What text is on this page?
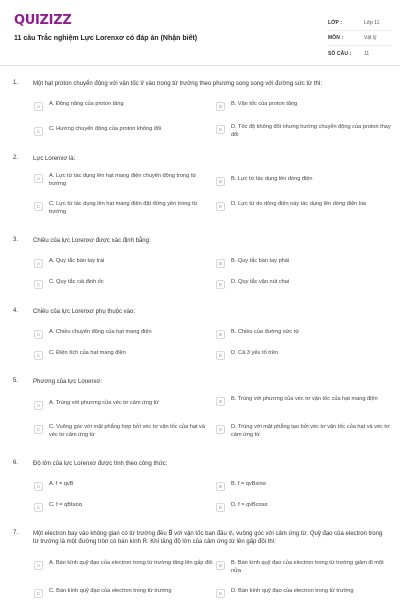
QUIZIZZ
11 câu Trắc nghiệm Lực Lorenxơ có đáp án (Nhận biết)
LỚP :	Lớp 11
MÔN :	Vật lý
SỐ CÂU :	11
1. Một hạt proton chuyển động với vận tốc v⃗ vào trong từ trường theo phương song song với đường sức từ thì:
A	A. Động năng của proton tăng	B	B. Vận tốc của proton tăng
C	C. Hướng chuyển động của proton không đổi	D	D. Tốc độ không đổi nhưng hướng chuyển động của proton thay đổi
2. Lực Lorenxơ là:
A	A. Lực từ tác dụng lên hạt mang điện chuyển động trong từ trường	B	B. Lực từ tác dụng lên dòng điện
C	C. Lực từ tác dụng lên hạt mang điện đặt đứng yên trong từ trường
D	D. Lực từ do dòng điện này tác dụng lên dòng điện kia
3. Chiều của lực Lorenxơ được xác định bằng:
A	A. Quy tắc bàn tay trái	B	B. Quy tắc bàn tay phải
C	C. Quy tắc cái đinh ốc	D	D. Quy tắc vặn nút chai
4. Chiều của lực Lorenxơ phụ thuộc vào:
A	A. Chiều chuyển động của hạt mang điện	B	B. Chiều của đường sức từ
C	C. Điện tích của hạt mang điện	D	D. Cả 3 yếu tố trên
5. Phương của lực Lorenxơ:
A	A. Trùng với phương của véc tơ cảm ứng từ	B	B. Trùng với phương của véc tơ vận tốc của hạt mang điện
C	C. Vuông góc với mặt phẳng hợp bởi véc tơ vận tốc của hạt và véc tơ cảm ứng từ
D	D. Trùng với mặt phẳng tạo bởi véc tơ vận tốc của hạt và véc tơ cảm ứng từ
6. Độ lớn của lực Lorenxơ được tính theo công thức:
A	A. f = qvB	B	B. f = qvBsinα
C	C. f = qBtanα	D	D. f = qvBcosα
7. Một electron bay vào không gian có từ trường đều B⃗ với vận tốc ban đầu v⃗₀ vuông góc với cảm ứng từ. Quỹ đạo của electron trong từ trường là một đường tròn có bán kính R. Khi tăng độ lớn của cảm ứng từ lên gấp đôi thì:
A	A. Bán kính quỹ đạo của electron trong từ trường tăng lên gấp đôi	B	B. Bán kính quỹ đạo của electron trong từ trường giảm đi một nửa
C	C. Bán kính quỹ đạo của electron trong từ trường	D	D. Bán kính quỹ đạo của electron trong từ trường
